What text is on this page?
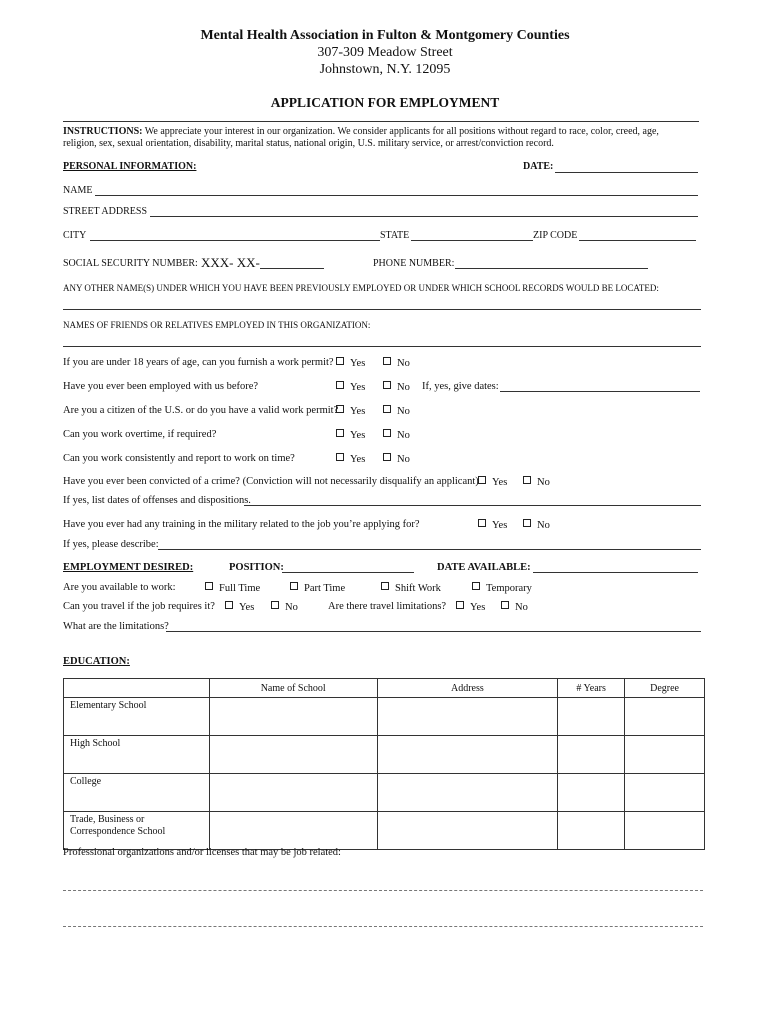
Mental Health Association in Fulton & Montgomery Counties
307-309 Meadow Street
Johnstown, N.Y. 12095
APPLICATION FOR EMPLOYMENT
INSTRUCTIONS: We appreciate your interest in our organization. We consider applicants for all positions without regard to race, color, creed, age,
religion, sex, sexual orientation, disability, marital status, national origin, U.S. military service, or arrest/conviction record.
PERSONAL INFORMATION:	DATE:
NAME
STREET ADDRESS
CITY	STATE	ZIP CODE
SOCIAL SECURITY NUMBER: XXX- XX-	PHONE NUMBER:
ANY OTHER NAME(S) UNDER WHICH YOU HAVE BEEN PREVIOUSLY EMPLOYED OR UNDER WHICH SCHOOL RECORDS WOULD BE LOCATED:
NAMES OF FRIENDS OR RELATIVES EMPLOYED IN THIS ORGANIZATION:
If you are under 18 years of age, can you furnish a work permit?	Yes	No
Have you ever been employed with us before?	Yes	No If, yes, give dates:
Are you a citizen of the U.S. or do you have a valid work permit?	Yes	No
Can you work overtime, if required?	Yes	No
Can you work consistently and report to work on time?	Yes	No
Have you ever been convicted of a crime? (Conviction will not necessarily disqualify an applicant)	Yes	No
If yes, list dates of offenses and dispositions.
Have you ever had any training in the military related to the job you’re applying for?	Yes	No
If yes, please describe:
EMPLOYMENT DESIRED:	POSITION:	DATE AVAILABLE:
Are you available to work:	Full Time	Part Time	Shift Work	Temporary
Can you travel if the job requires it?	Yes	No	Are there travel limitations?	Yes	No
What are the limitations?
EDUCATION:
	Name of School	Address	# Years	Degree
Elementary School				
High School				
College				

Trade, Business or
Correspondence School				

Professional organizations and/or licenses that may be job related:
